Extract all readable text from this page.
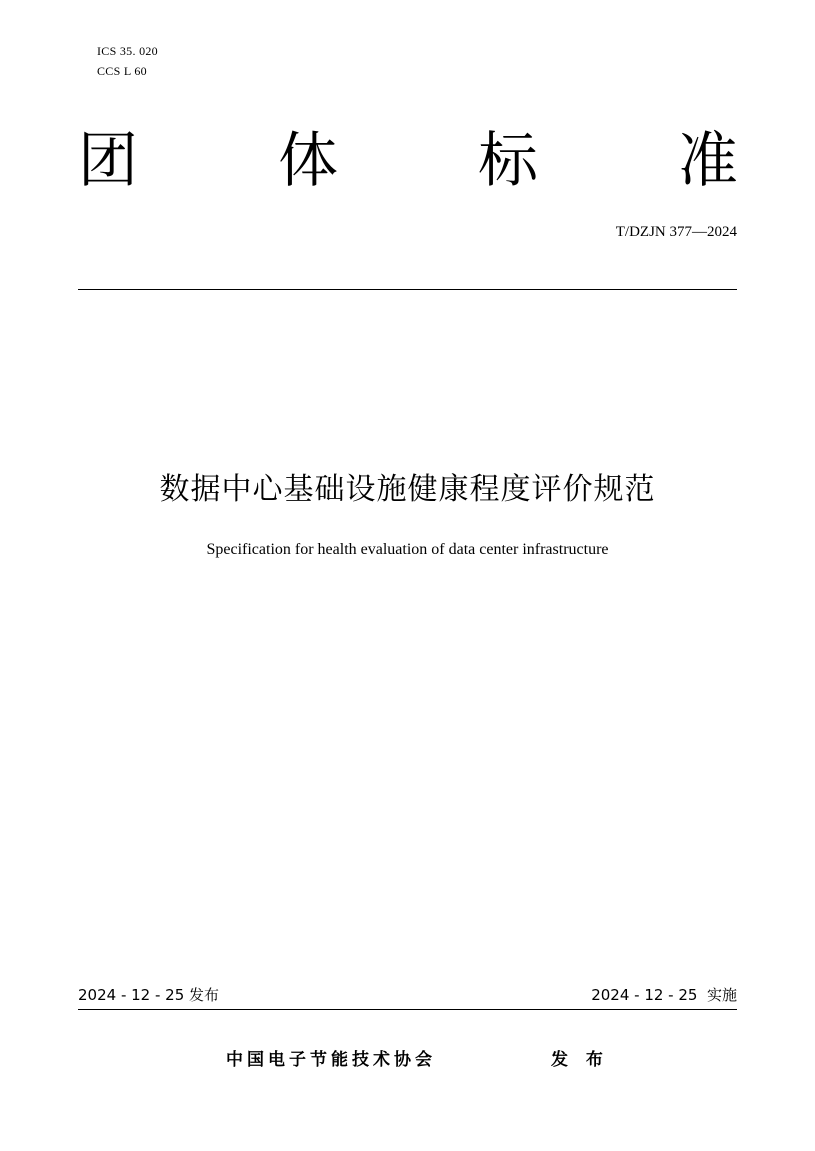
ICS 35. 020
CCS L 60
团 体 标 准
T/DZJN 377—2024
数据中心基础设施健康程度评价规范
Specification for health evaluation of data center infrastructure
2024 - 12 - 25 发布	2024 - 12 - 25  实施
中国电子节能技术协会	发 布
